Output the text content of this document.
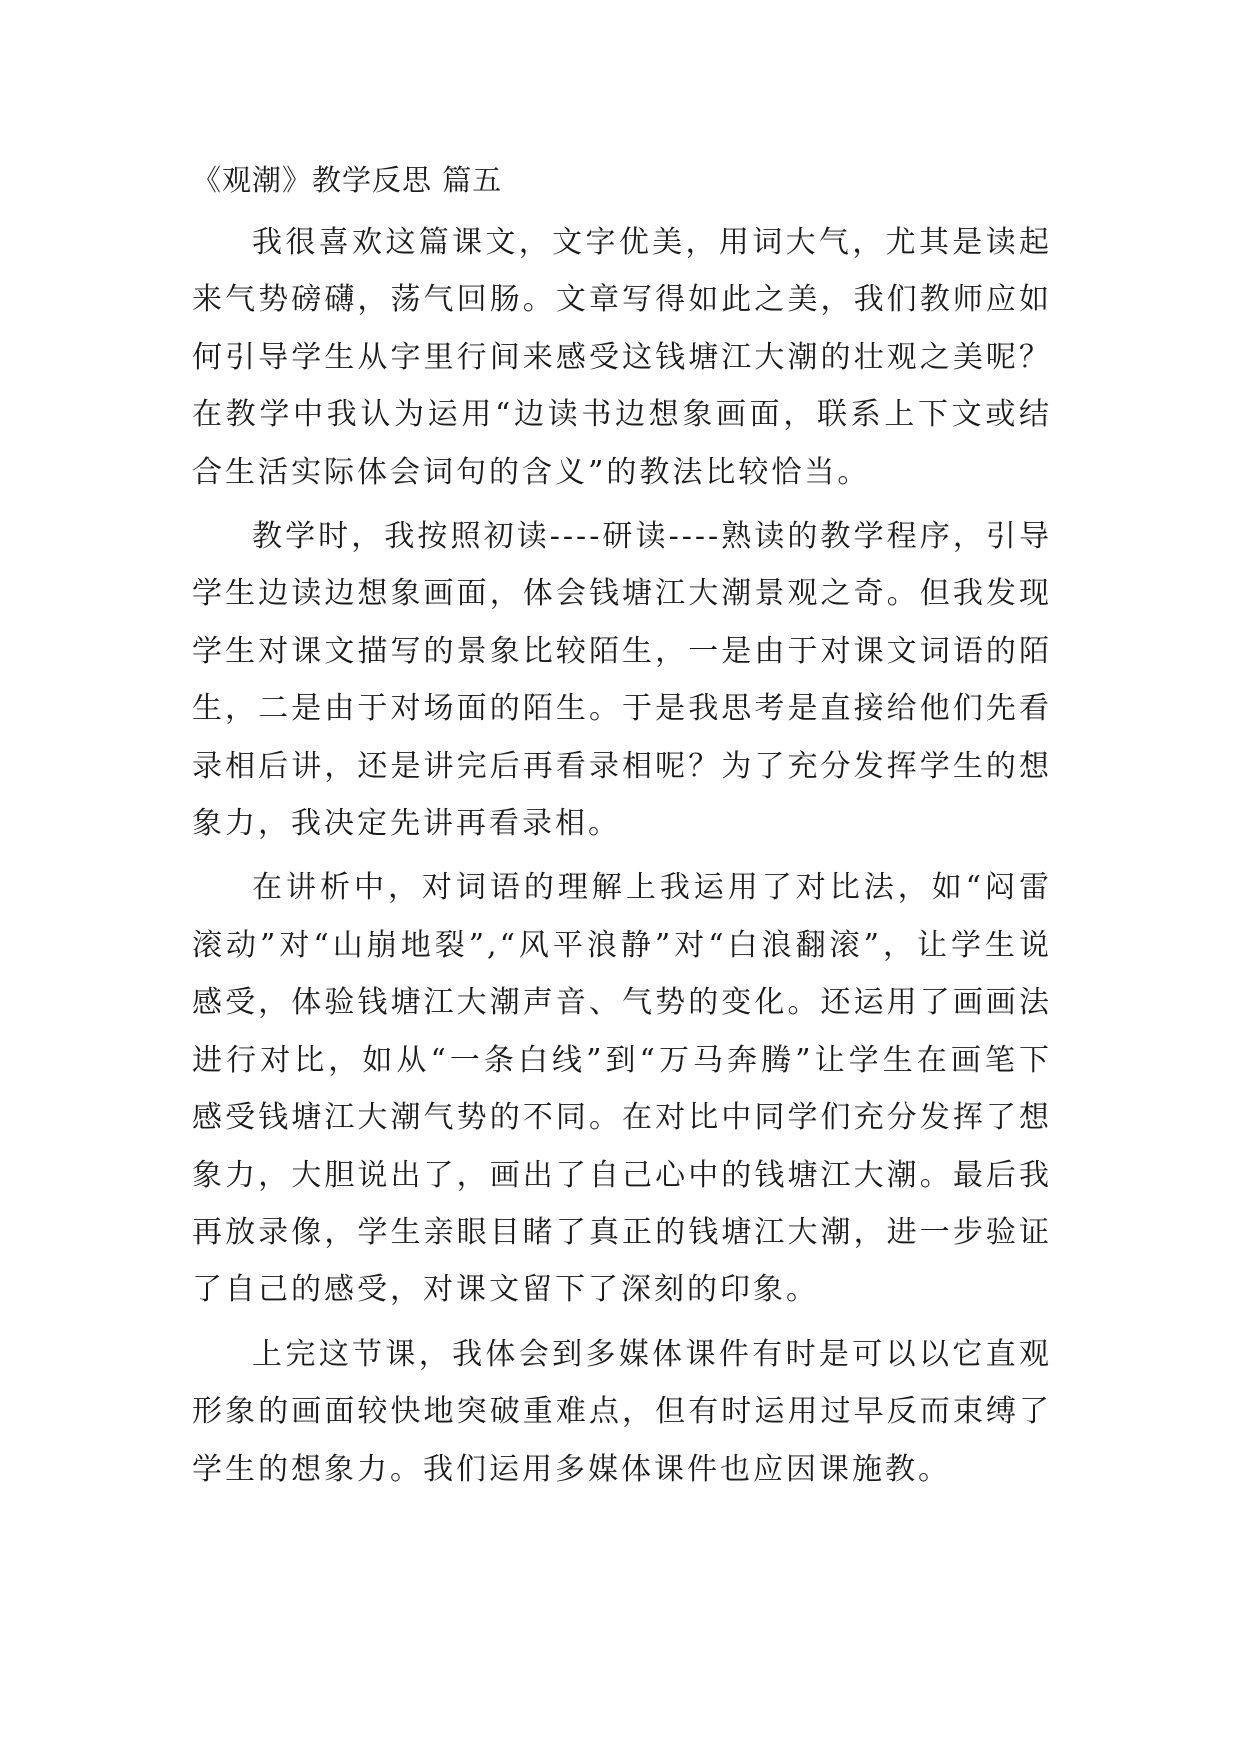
《观潮》教学反思 篇五

我很喜欢这篇课文，文字优美，用词大气，尤其是读起来气势磅礴，荡气回肠。文章写得如此之美，我们教师应如何引导学生从字里行间来感受这钱塘江大潮的壮观之美呢？在教学中我认为运用“边读书边想象画面，联系上下文或结合生活实际体会词句的含义”的教法比较恰当。

教学时，我按照初读----研读----熟读的教学程序，引导学生边读边想象画面，体会钱塘江大潮景观之奇。但我发现学生对课文描写的景象比较陌生，一是由于对课文词语的陌生，二是由于对场面的陌生。于是我思考是直接给他们先看录相后讲，还是讲完后再看录相呢？为了充分发挥学生的想象力，我决定先讲再看录相。

在讲析中，对词语的理解上我运用了对比法，如“闷雷滚动”对“山崩地裂”,“风平浪静”对“白浪翻滚”，让学生说感受，体验钱塘江大潮声音、气势的变化。还运用了画画法进行对比，如从“一条白线”到“万马奔腾”让学生在画笔下感受钱塘江大潮气势的不同。在对比中同学们充分发挥了想象力，大胆说出了，画出了自己心中的钱塘江大潮。最后我再放录像，学生亲眼目睹了真正的钱塘江大潮，进一步验证了自己的感受，对课文留下了深刻的印象。

上完这节课，我体会到多媒体课件有时是可以以它直观形象的画面较快地突破重难点，但有时运用过早反而束缚了学生的想象力。我们运用多媒体课件也应因课施教。
